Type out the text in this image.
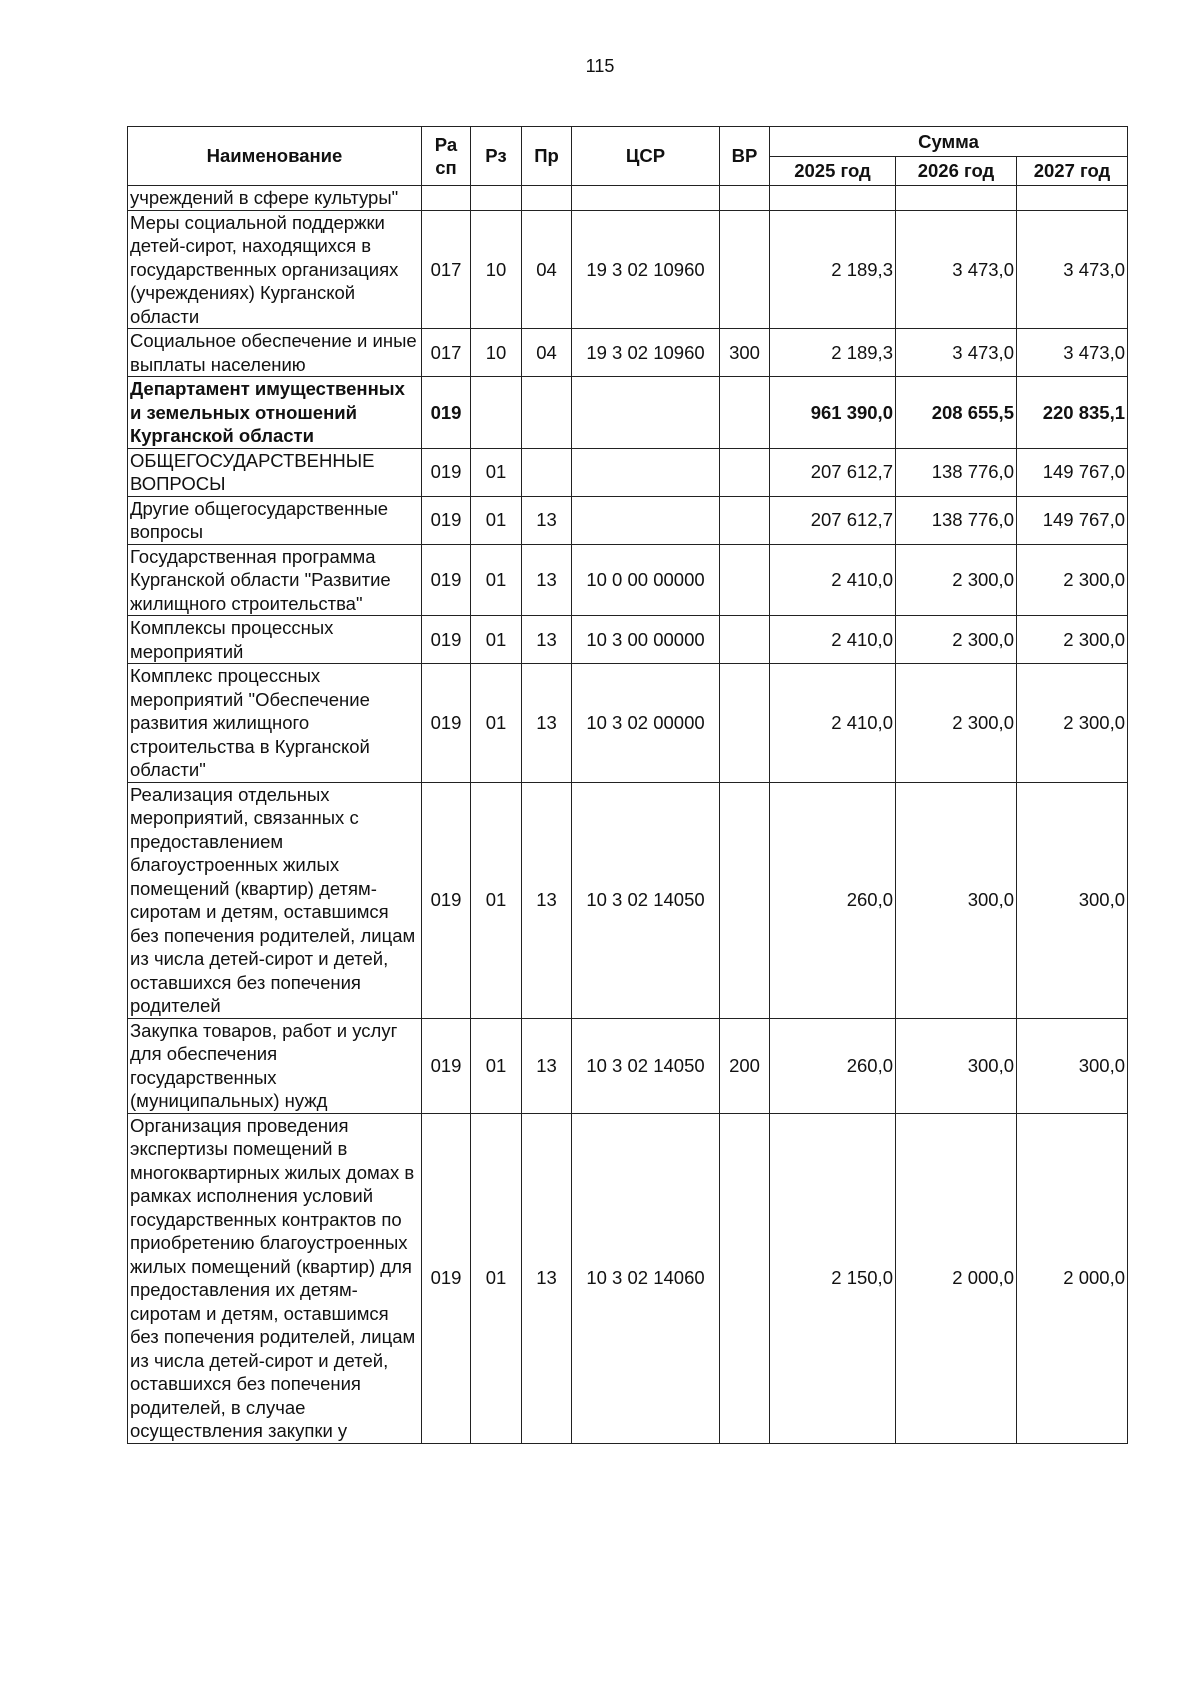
115
Наименование	Ра сп	Рз	Пр	ЦСР	ВР	Сумма		
						2025 год	2026 год	2027 год
учреждений в сфере культуры"								
Меры социальной поддержки детей-сирот, находящихся в государственных организациях (учреждениях) Курганской области	017	10	04	19 3 02 10960		2 189,3	3 473,0	3 473,0
Социальное обеспечение и иные выплаты населению	017	10	04	19 3 02 10960	300	2 189,3	3 473,0	3 473,0
Департамент имущественных и земельных отношений Курганской области	019					961 390,0	208 655,5	220 835,1
ОБЩЕГОСУДАРСТВЕННЫЕ ВОПРОСЫ	019	01				207 612,7	138 776,0	149 767,0
Другие общегосударственные вопросы	019	01	13			207 612,7	138 776,0	149 767,0
Государственная программа Курганской области "Развитие жилищного строительства"	019	01	13	10 0 00 00000		2 410,0	2 300,0	2 300,0
Комплексы процессных мероприятий	019	01	13	10 3 00 00000		2 410,0	2 300,0	2 300,0
Комплекс процессных мероприятий "Обеспечение развития жилищного строительства в Курганской области"	019	01	13	10 3 02 00000		2 410,0	2 300,0	2 300,0
Реализация отдельных мероприятий, связанных с предоставлением благоустроенных жилых помещений (квартир) детям-сиротам и детям, оставшимся без попечения родителей, лицам из числа детей-сирот и детей, оставшихся без попечения родителей	019	01	13	10 3 02 14050		260,0	300,0	300,0
Закупка товаров, работ и услуг для обеспечения государственных (муниципальных) нужд	019	01	13	10 3 02 14050	200	260,0	300,0	300,0
Организация проведения экспертизы помещений в многоквартирных жилых домах в рамках исполнения условий государственных контрактов по приобретению благоустроенных жилых помещений (квартир) для предоставления их детям-сиротам и детям, оставшимся без попечения родителей, лицам из числа детей-сирот и детей, оставшихся без попечения родителей, в случае осуществления закупки у	019	01	13	10 3 02 14060		2 150,0	2 000,0	2 000,0
